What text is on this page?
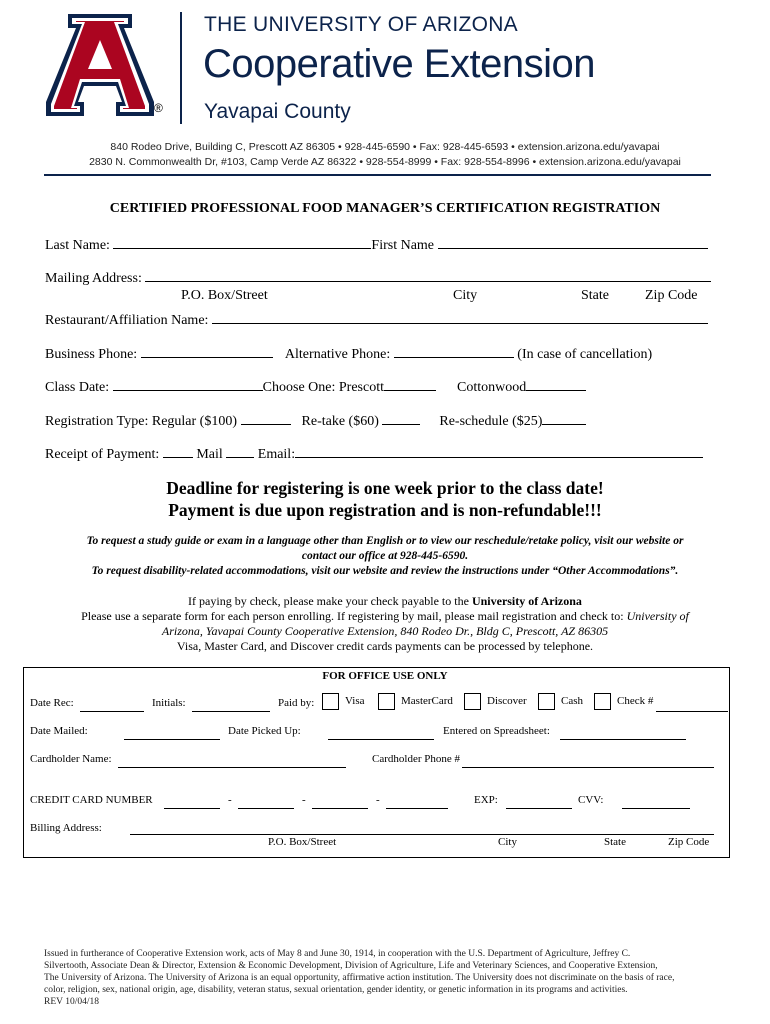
®
THE UNIVERSITY OF ARIZONA
Cooperative Extension
Yavapai County
840 Rodeo Drive, Building C, Prescott AZ 86305 • 928-445-6590 • Fax: 928-445-6593 • extension.arizona.edu/yavapai
2830 N. Commonwealth Dr, #103, Camp Verde AZ 86322 • 928-554-8999 • Fax: 928-554-8996 • extension.arizona.edu/yavapai
CERTIFIED PROFESSIONAL FOOD MANAGER’S CERTIFICATION REGISTRATION
Last Name:	First Name
Mailing Address:
P.O. Box/Street	City	State	Zip Code
Restaurant/Affiliation Name:
Business Phone:	Alternative Phone:	(In case of cancellation)
Class Date:	Choose One: Prescott	Cottonwood
Registration Type: Regular ($100)	Re-take ($60)	Re-schedule ($25)
Receipt of Payment:	Mail	Email:
Deadline for registering is one week prior to the class date!
Payment is due upon registration and is non-refundable!!!
To request a study guide or exam in a language other than English or to view our reschedule/retake policy, visit our website or
contact our office at 928-445-6590.
To request disability-related accommodations, visit our website and review the instructions under “Other Accommodations”.
If paying by check, please make your check payable to the University of Arizona
Please use a separate form for each person enrolling. If registering by mail, please mail registration and check to: University of
Arizona, Yavapai County Cooperative Extension, 840 Rodeo Dr., Bldg C, Prescott, AZ 86305
Visa, Master Card, and Discover credit cards payments can be processed by telephone.
FOR OFFICE USE ONLY
Date Rec:	Initials:	Paid by:	Visa	MasterCard	Discover	Cash	Check #
Date Mailed:	Date Picked Up:	Entered on Spreadsheet:
Cardholder Name:	Cardholder Phone #
CREDIT CARD NUMBER	-	-	-	EXP:	CVV:
Billing Address:
P.O. Box/Street	City	State	Zip Code
Issued in furtherance of Cooperative Extension work, acts of May 8 and June 30, 1914, in cooperation with the U.S. Department of Agriculture, Jeffrey C.
Silvertooth, Associate Dean & Director, Extension & Economic Development, Division of Agriculture, Life and Veterinary Sciences, and Cooperative Extension,
The University of Arizona. The University of Arizona is an equal opportunity, affirmative action institution. The University does not discriminate on the basis of race,
color, religion, sex, national origin, age, disability, veteran status, sexual orientation, gender identity, or genetic information in its programs and activities.
REV 10/04/18
